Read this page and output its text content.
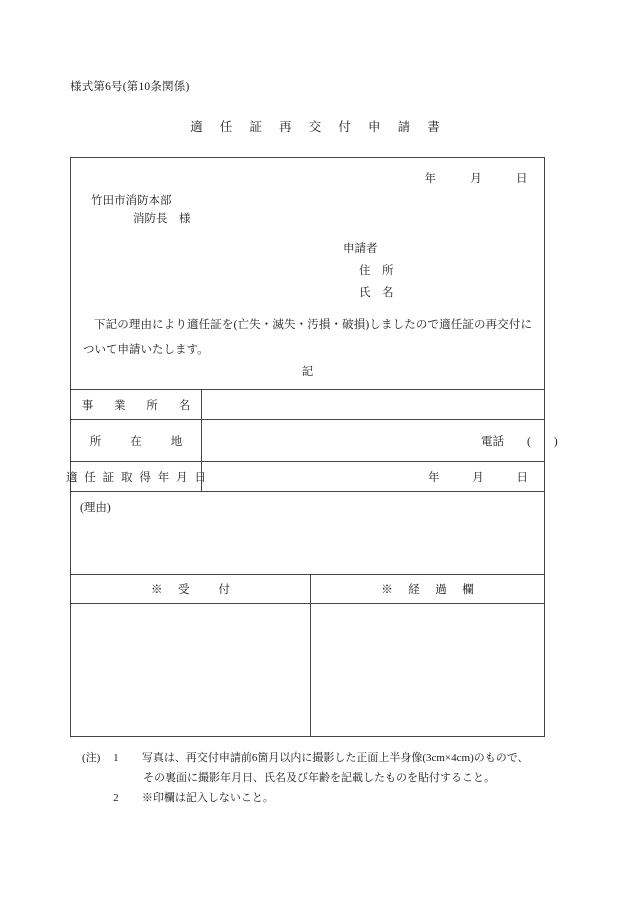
様式第6号(第10条関係)
適 任 証 再 交 付 申 請 書
年	月	日
竹田市消防本部
消防長　様
申請者
住　所
氏　名
下記の理由により適任証を(亡失・滅失・汚損・破損)しましたので適任証の再交付について申請いたします。
記
事 業 所 名
所　　在　　地	電話　　(　　)
適 任 証 取 得 年 月 日	年	月	日
(理由)
※　受　　付	※　経　過　欄
(注) 1 写真は、再交付申請前6箇月以内に撮影した正面上半身像(3cm×4cm)のもので、
その裏面に撮影年月日、氏名及び年齢を記載したものを貼付すること。
2 ※印欄は記入しないこと。
